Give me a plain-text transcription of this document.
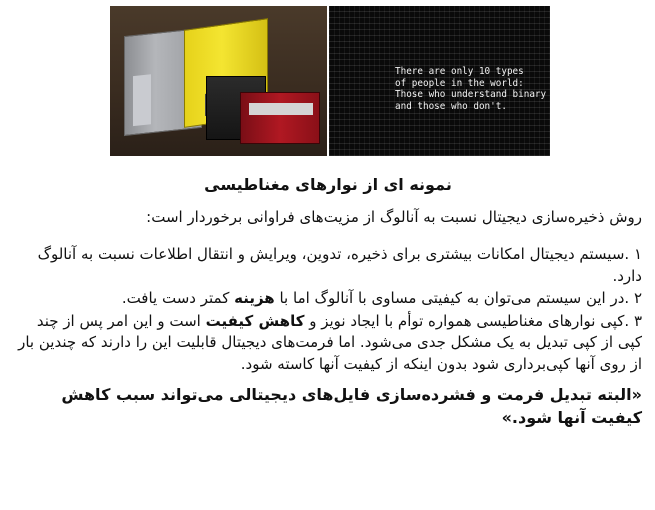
There are only 10 types
of people in the world:
Those who understand binary
and those who don't.
نمونه ای از نوارهای مغناطیسی
روش ذخیره‌سازی دیجیتال نسبت به آنالوگ از مزیت‌های فراوانی برخوردار است:
۱ .سیستم دیجیتال امکانات بیشتری برای ذخیره، تدوین، ویرایش و انتقال اطلاعات نسبت به آنالوگ دارد.
۲ .در این سیستم می‌توان به کیفیتی مساوی با آنالوگ اما با هزینه کمتر دست یافت.
۳ .کپی نوارهای مغناطیسی همواره توأم با ایجاد نویز و کاهش کیفیت است و این امر پس از چند کپی از کپی تبدیل به یک مشکل جدی می‌شود. اما فرمت‌های دیجیتال قابلیت این را دارند که چندین بار از روی آنها کپی‌برداری شود بدون اینکه از کیفیت آنها کاسته شود.
«البته تبدیل فرمت و فشرده‌سازی فایل‌های دیجیتالی می‌تواند سبب کاهش کیفیت آنها شود.»
